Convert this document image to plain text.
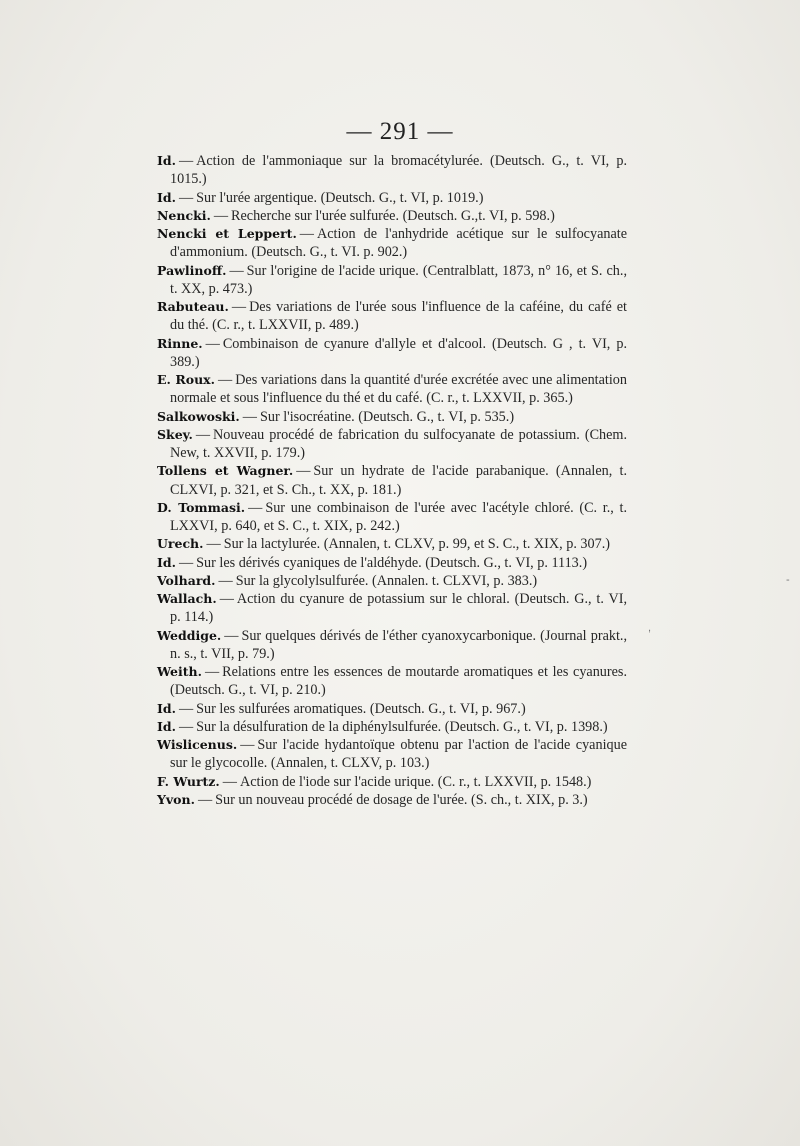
— 291 —
Id. — Action de l'ammoniaque sur la bromacétylurée. (Deutsch. G., t. VI, p. 1015.)
Id. — Sur l'urée argentique. (Deutsch. G., t. VI, p. 1019.)
Nencki. — Recherche sur l'urée sulfurée. (Deutsch. G.,t. VI, p. 598.)
Nencki et Leppert. — Action de l'anhydride acétique sur le sulfocyanate d'ammonium. (Deutsch. G., t. VI. p. 902.)
Pawlinoff. — Sur l'origine de l'acide urique. (Centralblatt, 1873, n° 16, et S. ch., t. XX, p. 473.)
Rabuteau. — Des variations de l'urée sous l'influence de la caféine, du café et du thé. (C. r., t. LXXVII, p. 489.)
Rinne. — Combinaison de cyanure d'allyle et d'alcool. (Deutsch. G , t. VI, p. 389.)
E. Roux. — Des variations dans la quantité d'urée excrétée avec une alimentation normale et sous l'influence du thé et du café. (C. r., t. LXXVII, p. 365.)
Salkowoski. — Sur l'isocréatine. (Deutsch. G., t. VI, p. 535.)
Skey. — Nouveau procédé de fabrication du sulfocyanate de potassium. (Chem. New, t. XXVII, p. 179.)
Tollens et Wagner. — Sur un hydrate de l'acide parabanique. (Annalen, t. CLXVI, p. 321, et S. Ch., t. XX, p. 181.)
D. Tommasi. — Sur une combinaison de l'urée avec l'acétyle chloré. (C. r., t. LXXVI, p. 640, et S. C., t. XIX, p. 242.)
Urech. — Sur la lactylurée. (Annalen, t. CLXV, p. 99, et S. C., t. XIX, p. 307.)
Id. — Sur les dérivés cyaniques de l'aldéhyde. (Deutsch. G., t. VI, p. 1113.)
Volhard. — Sur la glycolylsulfurée. (Annalen. t. CLXVI, p. 383.)
Wallach. — Action du cyanure de potassium sur le chloral. (Deutsch. G., t. VI, p. 114.)
Weddige. — Sur quelques dérivés de l'éther cyanoxycarbonique. (Journal prakt., n. s., t. VII, p. 79.)
Weith. — Relations entre les essences de moutarde aromatiques et les cyanures. (Deutsch. G., t. VI, p. 210.)
Id. — Sur les sulfurées aromatiques. (Deutsch. G., t. VI, p. 967.)
Id. — Sur la désulfuration de la diphénylsulfurée. (Deutsch. G., t. VI, p. 1398.)
Wislicenus. — Sur l'acide hydantoïque obtenu par l'action de l'acide cyanique sur le glycocolle. (Annalen, t. CLXV, p. 103.)
F. Wurtz. — Action de l'iode sur l'acide urique. (C. r., t. LXXVII, p. 1548.)
Yvon. — Sur un nouveau procédé de dosage de l'urée. (S. ch., t. XIX, p. 3.)
-
,
